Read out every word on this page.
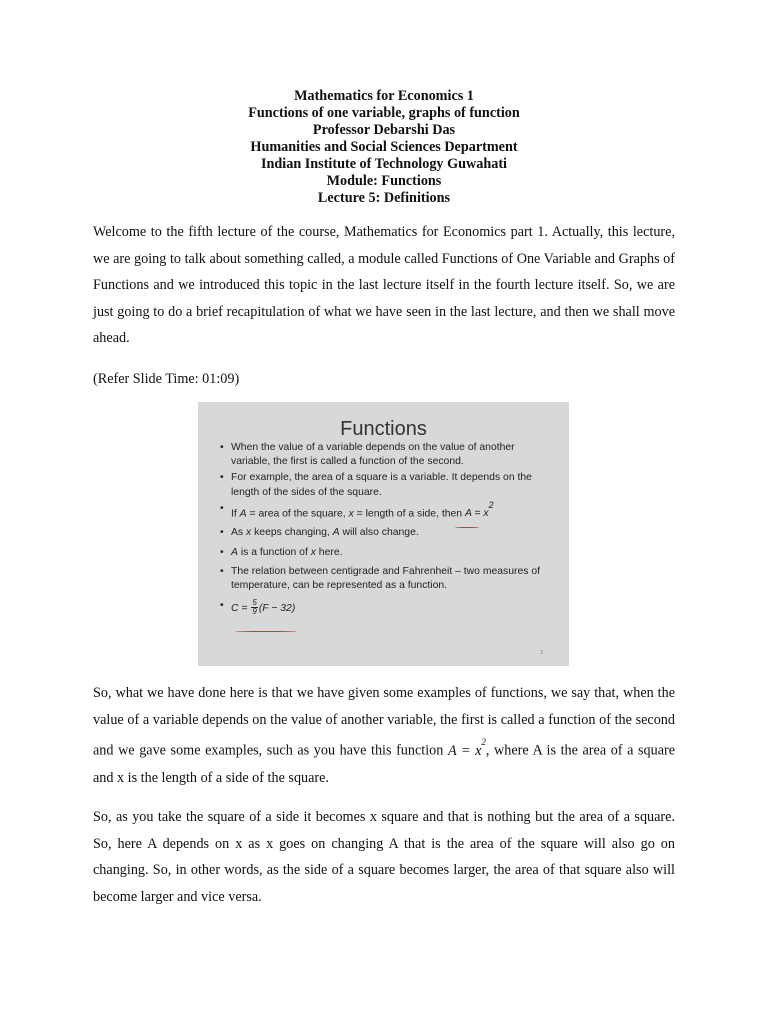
Mathematics for Economics 1
Functions of one variable, graphs of function
Professor Debarshi Das
Humanities and Social Sciences Department
Indian Institute of Technology Guwahati
Module: Functions
Lecture 5: Definitions

Welcome to the fifth lecture of the course, Mathematics for Economics part 1. Actually, this lecture, we are going to talk about something called, a module called Functions of One Variable and Graphs of Functions and we introduced this topic in the last lecture itself in the fourth lecture itself. So, we are just going to do a brief recapitulation of what we have seen in the last lecture, and then we shall move ahead.

(Refer Slide Time: 01:09)
Functions
• When the value of a variable depends on the value of another variable, the first is called a function of the second.
• For example, the area of a square is a variable. It depends on the length of the sides of the square.
• If A = area of the square, x = length of a side, then $A = x^2$
• As x keeps changing, A will also change.
• A is a function of x here.
• The relation between centigrade and Fahrenheit – two measures of temperature, can be represented as a function.
• $C = \frac{5}{9} (F - 32)$
2

So, what we have done here is that we have given some examples of functions, we say that, when the value of a variable depends on the value of another variable, the first is called a function of the second and we gave some examples, such as you have this function $A = x^2$, where A is the area of a square and x is the length of a side of the square.

So, as you take the square of a side it becomes x square and that is nothing but the area of a square. So, here A depends on x as x goes on changing A that is the area of the square will also go on changing. So, in other words, as the side of a square becomes larger, the area of that square also will become larger and vice versa.
